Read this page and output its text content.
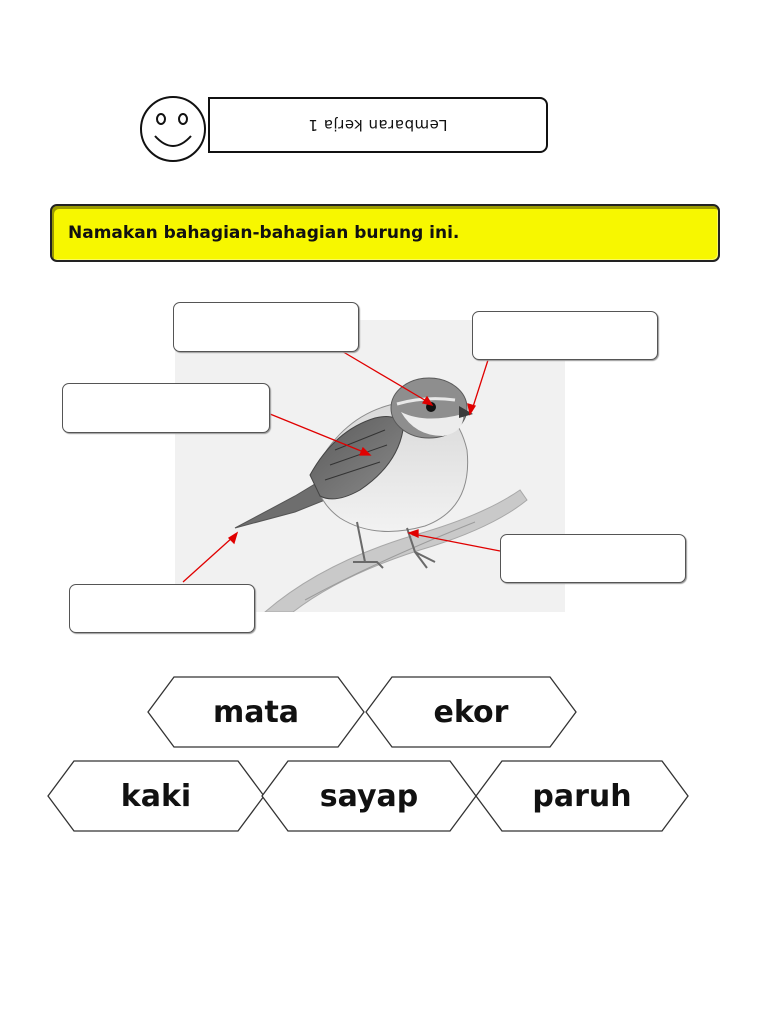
Lembaran kerja 1
Namakan bahagian-bahagian burung ini.
mata	ekor
kaki	sayap	paruh
